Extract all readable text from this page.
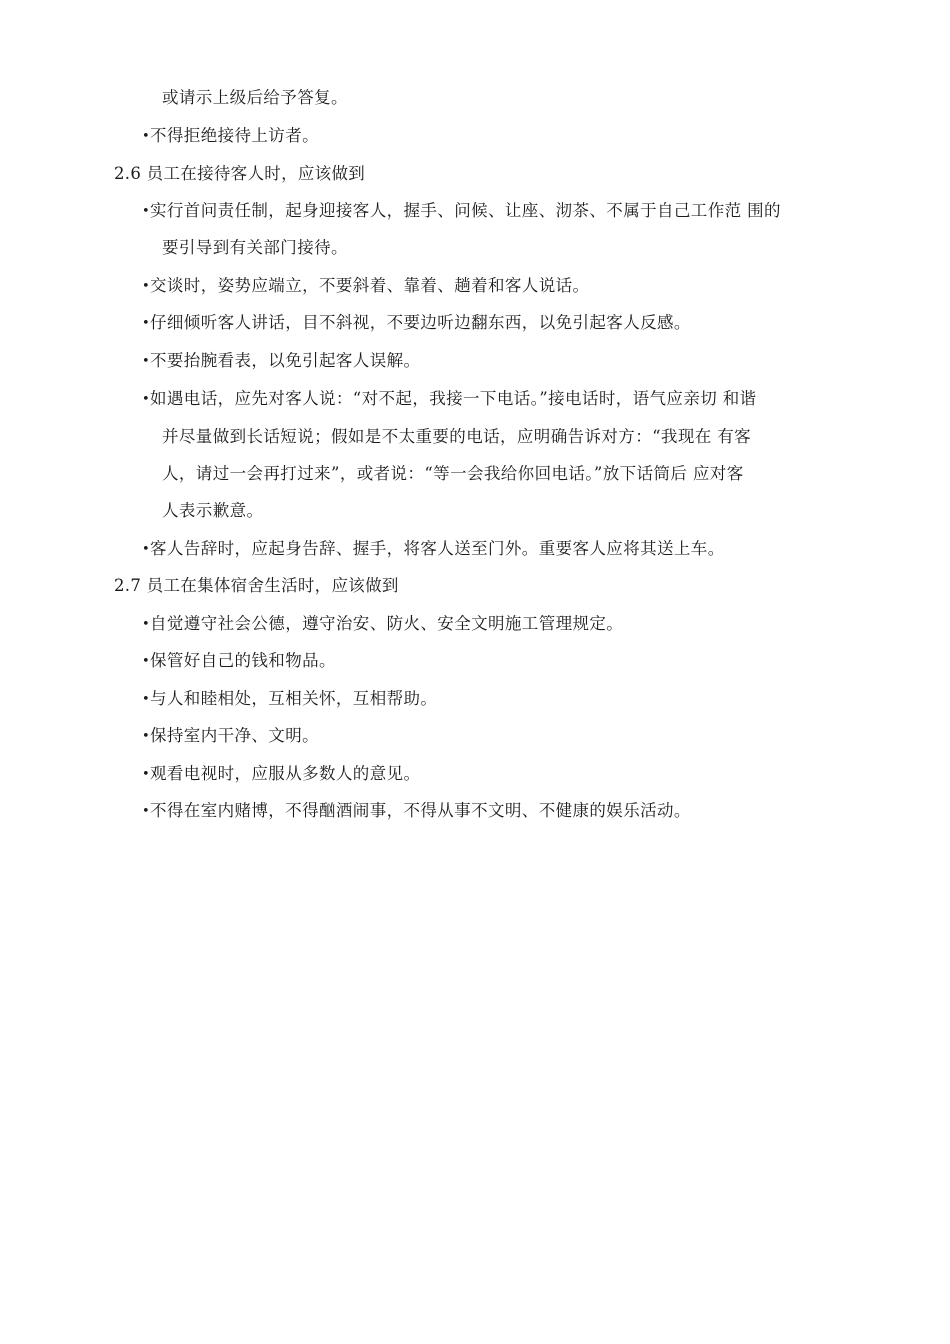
或请示上级后给予答复。
•不得拒绝接待上访者。
2.6 员工在接待客人时，应该做到
•实行首问责任制，起身迎接客人，握手、问候、让座、沏茶、不属于自己工作范 围的
要引导到有关部门接待。
•交谈时，姿势应端立，不要斜着、靠着、趟着和客人说话。
•仔细倾听客人讲话，目不斜视，不要边听边翻东西，以免引起客人反感。
•不要抬腕看表，以免引起客人误解。
•如遇电话，应先对客人说：“对不起，我接一下电话。”接电话时，语气应亲切 和谐
并尽量做到长话短说；假如是不太重要的电话，应明确告诉对方：“我现在 有客
人，请过一会再打过来”，或者说：“等一会我给你回电话。”放下话筒后 应对客
人表示歉意。
•客人告辞时，应起身告辞、握手，将客人送至门外。重要客人应将其送上车。
2.7 员工在集体宿舍生活时，应该做到
•自觉遵守社会公德，遵守治安、防火、安全文明施工管理规定。
•保管好自己的钱和物品。
•与人和睦相处，互相关怀，互相帮助。
•保持室内干净、文明。
•观看电视时，应服从多数人的意见。
•不得在室内赌博，不得酗酒闹事，不得从事不文明、不健康的娱乐活动。
